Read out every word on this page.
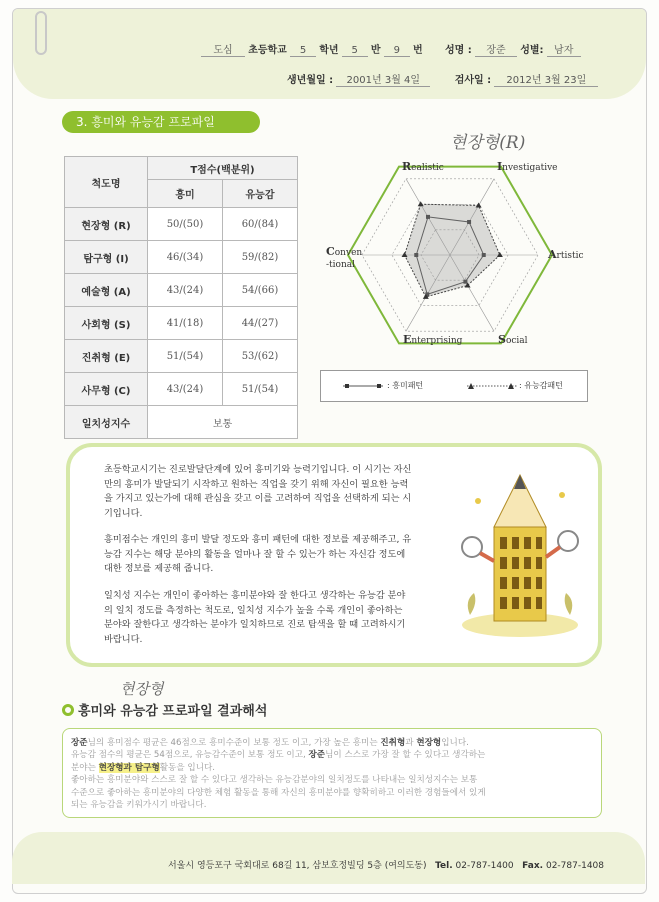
도심 초등학교 5 학년 5 반 9 번 성명 : 장준 성별: 남자
생년월일 : 2001년 3월 4일	검사일 : 2012년 3월 23일
3. 흥미와 유능감 프로파일
척도명	T점수(백분위)	
	흥미	유능감
현장형 (R)	50/(50)	60/(84)
탐구형 (I)	46/(34)	59/(82)
예술형 (A)	43/(24)	54/(66)
사회형 (S)	41/(18)	44/(27)
진취형 (E)	51/(54)	53/(62)
사무형 (C)	43/(24)	51/(54)
일치성지수	보통	
현장형(R)
Realistic	Investigative
Artistic
Social
Enterprising
Conven
-tional
: 흥미패턴	: 유능감패턴

초등학교시기는 진로발달단계에 있어 흥미기와 능력기입니다. 이 시기는 자신만의 흥미가 발달되기 시작하고 원하는 직업을 갖기 위해 자신이 필요한 능력을 가지고 있는가에 대해 관심을 갖고 이를 고려하여 직업을 선택하게 되는 시기입니다.

흥미점수는 개인의 흥미 발달 정도와 흥미 패턴에 대한 정보를 제공해주고, 유능감 지수는 해당 분야의 활동을 얼마나 잘 할 수 있는가 하는 자신감 정도에 대한 정보를 제공해 줍니다.

일치성 지수는 개인이 좋아하는 흥미분야와 잘 한다고 생각하는 유능감 분야의 일치 정도를 측정하는 척도로, 일치성 지수가 높을 수록 개인이 좋아하는 분야와 잘한다고 생각하는 분야가 일치하므로 진로 탐색을 할 때 고려하시기 바랍니다.

현장형
흥미와 유능감 프로파일 결과해석

장준님의 흥미점수 평균은 46점으로 흥미수준이 보통 정도 이고, 가장 높은 흥미는 진취형과 현장형입니다.
유능감 점수의 평균은 54점으로, 유능감수준이 보통 정도 이고, 장준님이 스스로 가장 잘 할 수 있다고 생각하는
분야는 현장형과 탐구형활동을 입니다.
좋아하는 흥미분야와 스스로 잘 할 수 있다고 생각하는 유능감분야의 일치정도를 나타내는 일치성지수는 보통
수준으로 좋아하는 흥미분야의 다양한 체험 활동을 통해 자신의 흥미분야를 향확히하고 이러한 경험들에서 있게
되는 유능감을 키워가시기 바랍니다.

서울시 영등포구 국회대로 68길 11, 삼보호정빌딩 5층 (여의도동) Tel. 02-787-1400 Fax. 02-787-1408
